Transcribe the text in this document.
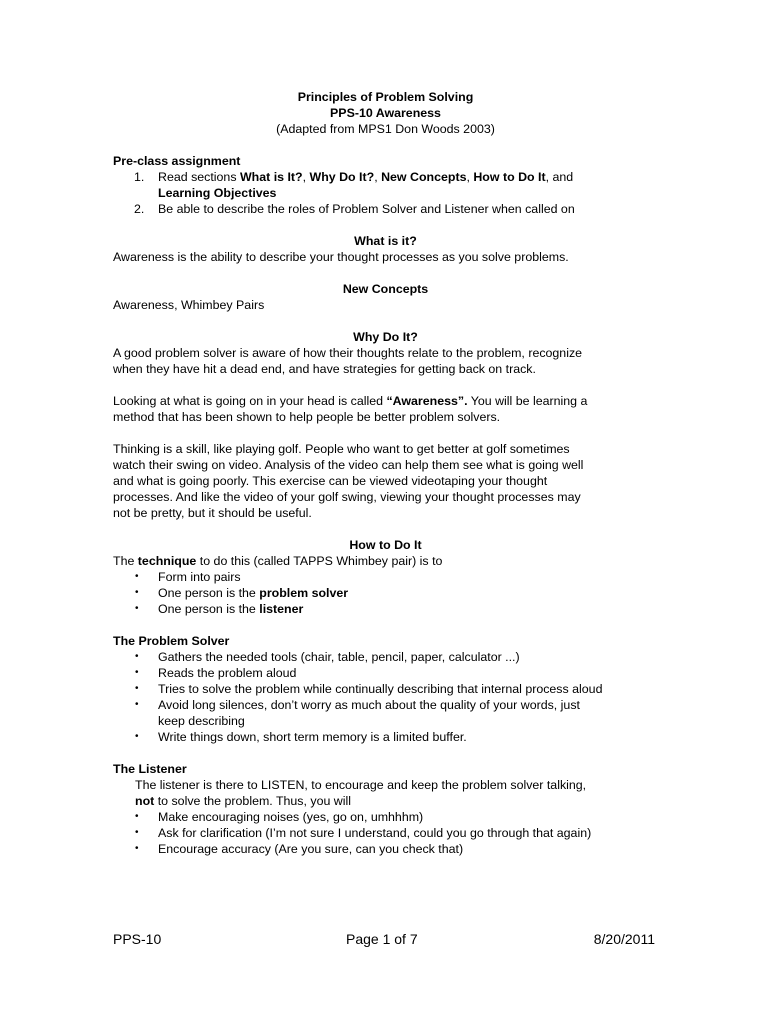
Principles of Problem Solving

PPS-10 Awareness

(Adapted from MPS1 Don Woods 2003)

Pre-class assignment

1. Read sections What is It?, Why Do It?, New Concepts, How to Do It, and
Learning Objectives
2. Be able to describe the roles of Problem Solver and Listener when called on

What is it?

Awareness is the ability to describe your thought processes as you solve problems.

New Concepts

Awareness, Whimbey Pairs

Why Do It?

A good problem solver is aware of how their thoughts relate to the problem, recognize
when they have hit a dead end, and have strategies for getting back on track.

Looking at what is going on in your head is called “Awareness”. You will be learning a
method that has been shown to help people be better problem solvers.

Thinking is a skill, like playing golf. People who want to get better at golf sometimes
watch their swing on video. Analysis of the video can help them see what is going well
and what is going poorly. This exercise can be viewed videotaping your thought
processes. And like the video of your golf swing, viewing your thought processes may
not be pretty, but it should be useful.

How to Do It

The technique to do this (called TAPPS Whimbey pair) is to

• Form into pairs
• One person is the problem solver
• One person is the listener

The Problem Solver

• Gathers the needed tools (chair, table, pencil, paper, calculator ...)
• Reads the problem aloud
• Tries to solve the problem while continually describing that internal process aloud
• Avoid long silences, don’t worry as much about the quality of your words, just
keep describing
• Write things down, short term memory is a limited buffer.

The Listener

The listener is there to LISTEN, to encourage and keep the problem solver talking,
not to solve the problem. Thus, you will

• Make encouraging noises (yes, go on, umhhhm)
• Ask for clarification (I’m not sure I understand, could you go through that again)
• Encourage accuracy (Are you sure, can you check that)
PPS-10	Page 1 of 7	8/20/2011
